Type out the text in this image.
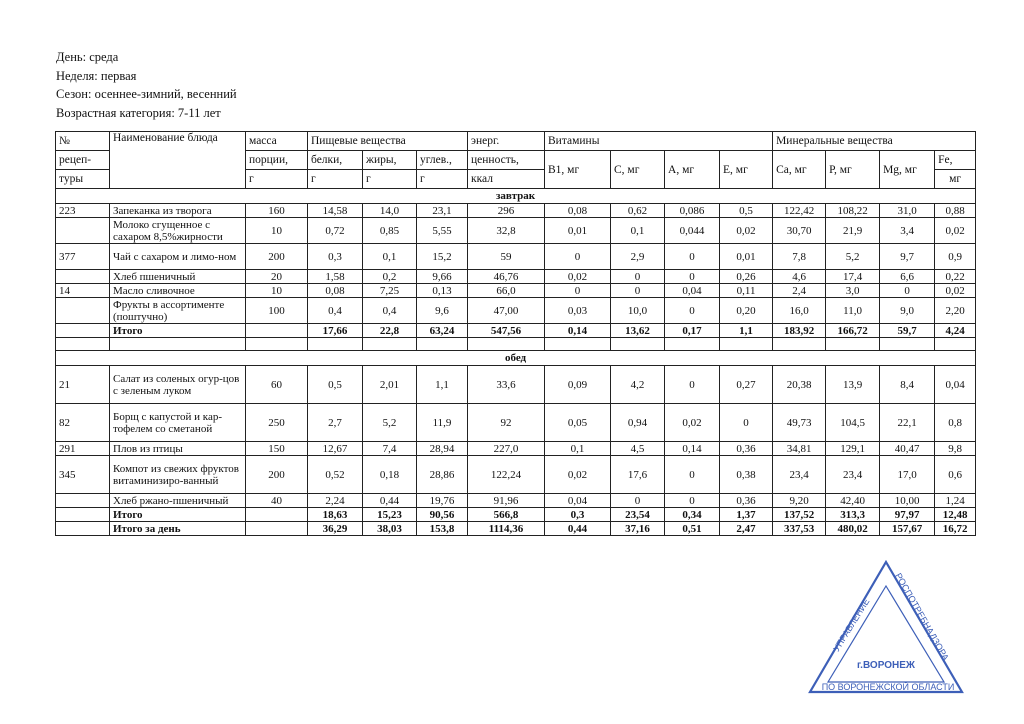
День: среда
Неделя: первая
Сезон: осеннее-зимний, весенний
Возрастная категория: 7-11 лет
№	Наименование блюда	масса	Пищевые вещества			энерг.	Витамины				Минеральные вещества			
рецеп-		порции,	белки,	жиры,	углев.,	ценность,	В1, мг	С, мг	А, мг	Е, мг	Са, мг	Р, мг	Mg, мг	Fe,
туры		г	г	г	г	ккал								мг
завтрак														
223	Запеканка из творога	160	14,58	14,0	23,1	296	0,08	0,62	0,086	0,5	122,42	108,22	31,0	0,88
	Молоко сгущенное с сахаром 8,5%жирности	10	0,72	0,85	5,55	32,8	0,01	0,1	0,044	0,02	30,70	21,9	3,4	0,02
377	Чай с сахаром и лимо-ном	200	0,3	0,1	15,2	59	0	2,9	0	0,01	7,8	5,2	9,7	0,9
	Хлеб пшеничный	20	1,58	0,2	9,66	46,76	0,02	0	0	0,26	4,6	17,4	6,6	0,22
14	Масло сливочное	10	0,08	7,25	0,13	66,0	0	0	0,04	0,11	2,4	3,0	0	0,02
	Фрукты в ассортименте (поштучно)	100	0,4	0,4	9,6	47,00	0,03	10,0	0	0,20	16,0	11,0	9,0	2,20
	Итого		17,66	22,8	63,24	547,56	0,14	13,62	0,17	1,1	183,92	166,72	59,7	4,24

обед														
21	Салат из соленых огур-цов с зеленым луком	60	0,5	2,01	1,1	33,6	0,09	4,2	0	0,27	20,38	13,9	8,4	0,04
82	Борщ с капустой и кар-тофелем со сметаной	250	2,7	5,2	11,9	92	0,05	0,94	0,02	0	49,73	104,5	22,1	0,8
291	Плов из птицы	150	12,67	7,4	28,94	227,0	0,1	4,5	0,14	0,36	34,81	129,1	40,47	9,8
345	Компот из свежих фруктов витаминизиро-ванный	200	0,52	0,18	28,86	122,24	0,02	17,6	0	0,38	23,4	23,4	17,0	0,6
	Хлеб ржано-пшеничный	40	2,24	0,44	19,76	91,96	0,04	0	0	0,36	9,20	42,40	10,00	1,24
	Итого		18,63	15,23	90,56	566,8	0,3	23,54	0,34	1,37	137,52	313,3	97,97	12,48
	Итого за день		36,29	38,03	153,8	1114,36	0,44	37,16	0,51	2,47	337,53	480,02	157,67	16,72
УПРАВЛЕНИЕ
РОСПОТРЕБНАДЗОРА
г.ВОРОНЕЖ
ПО ВОРОНЕЖСКОЙ ОБЛАСТИ
